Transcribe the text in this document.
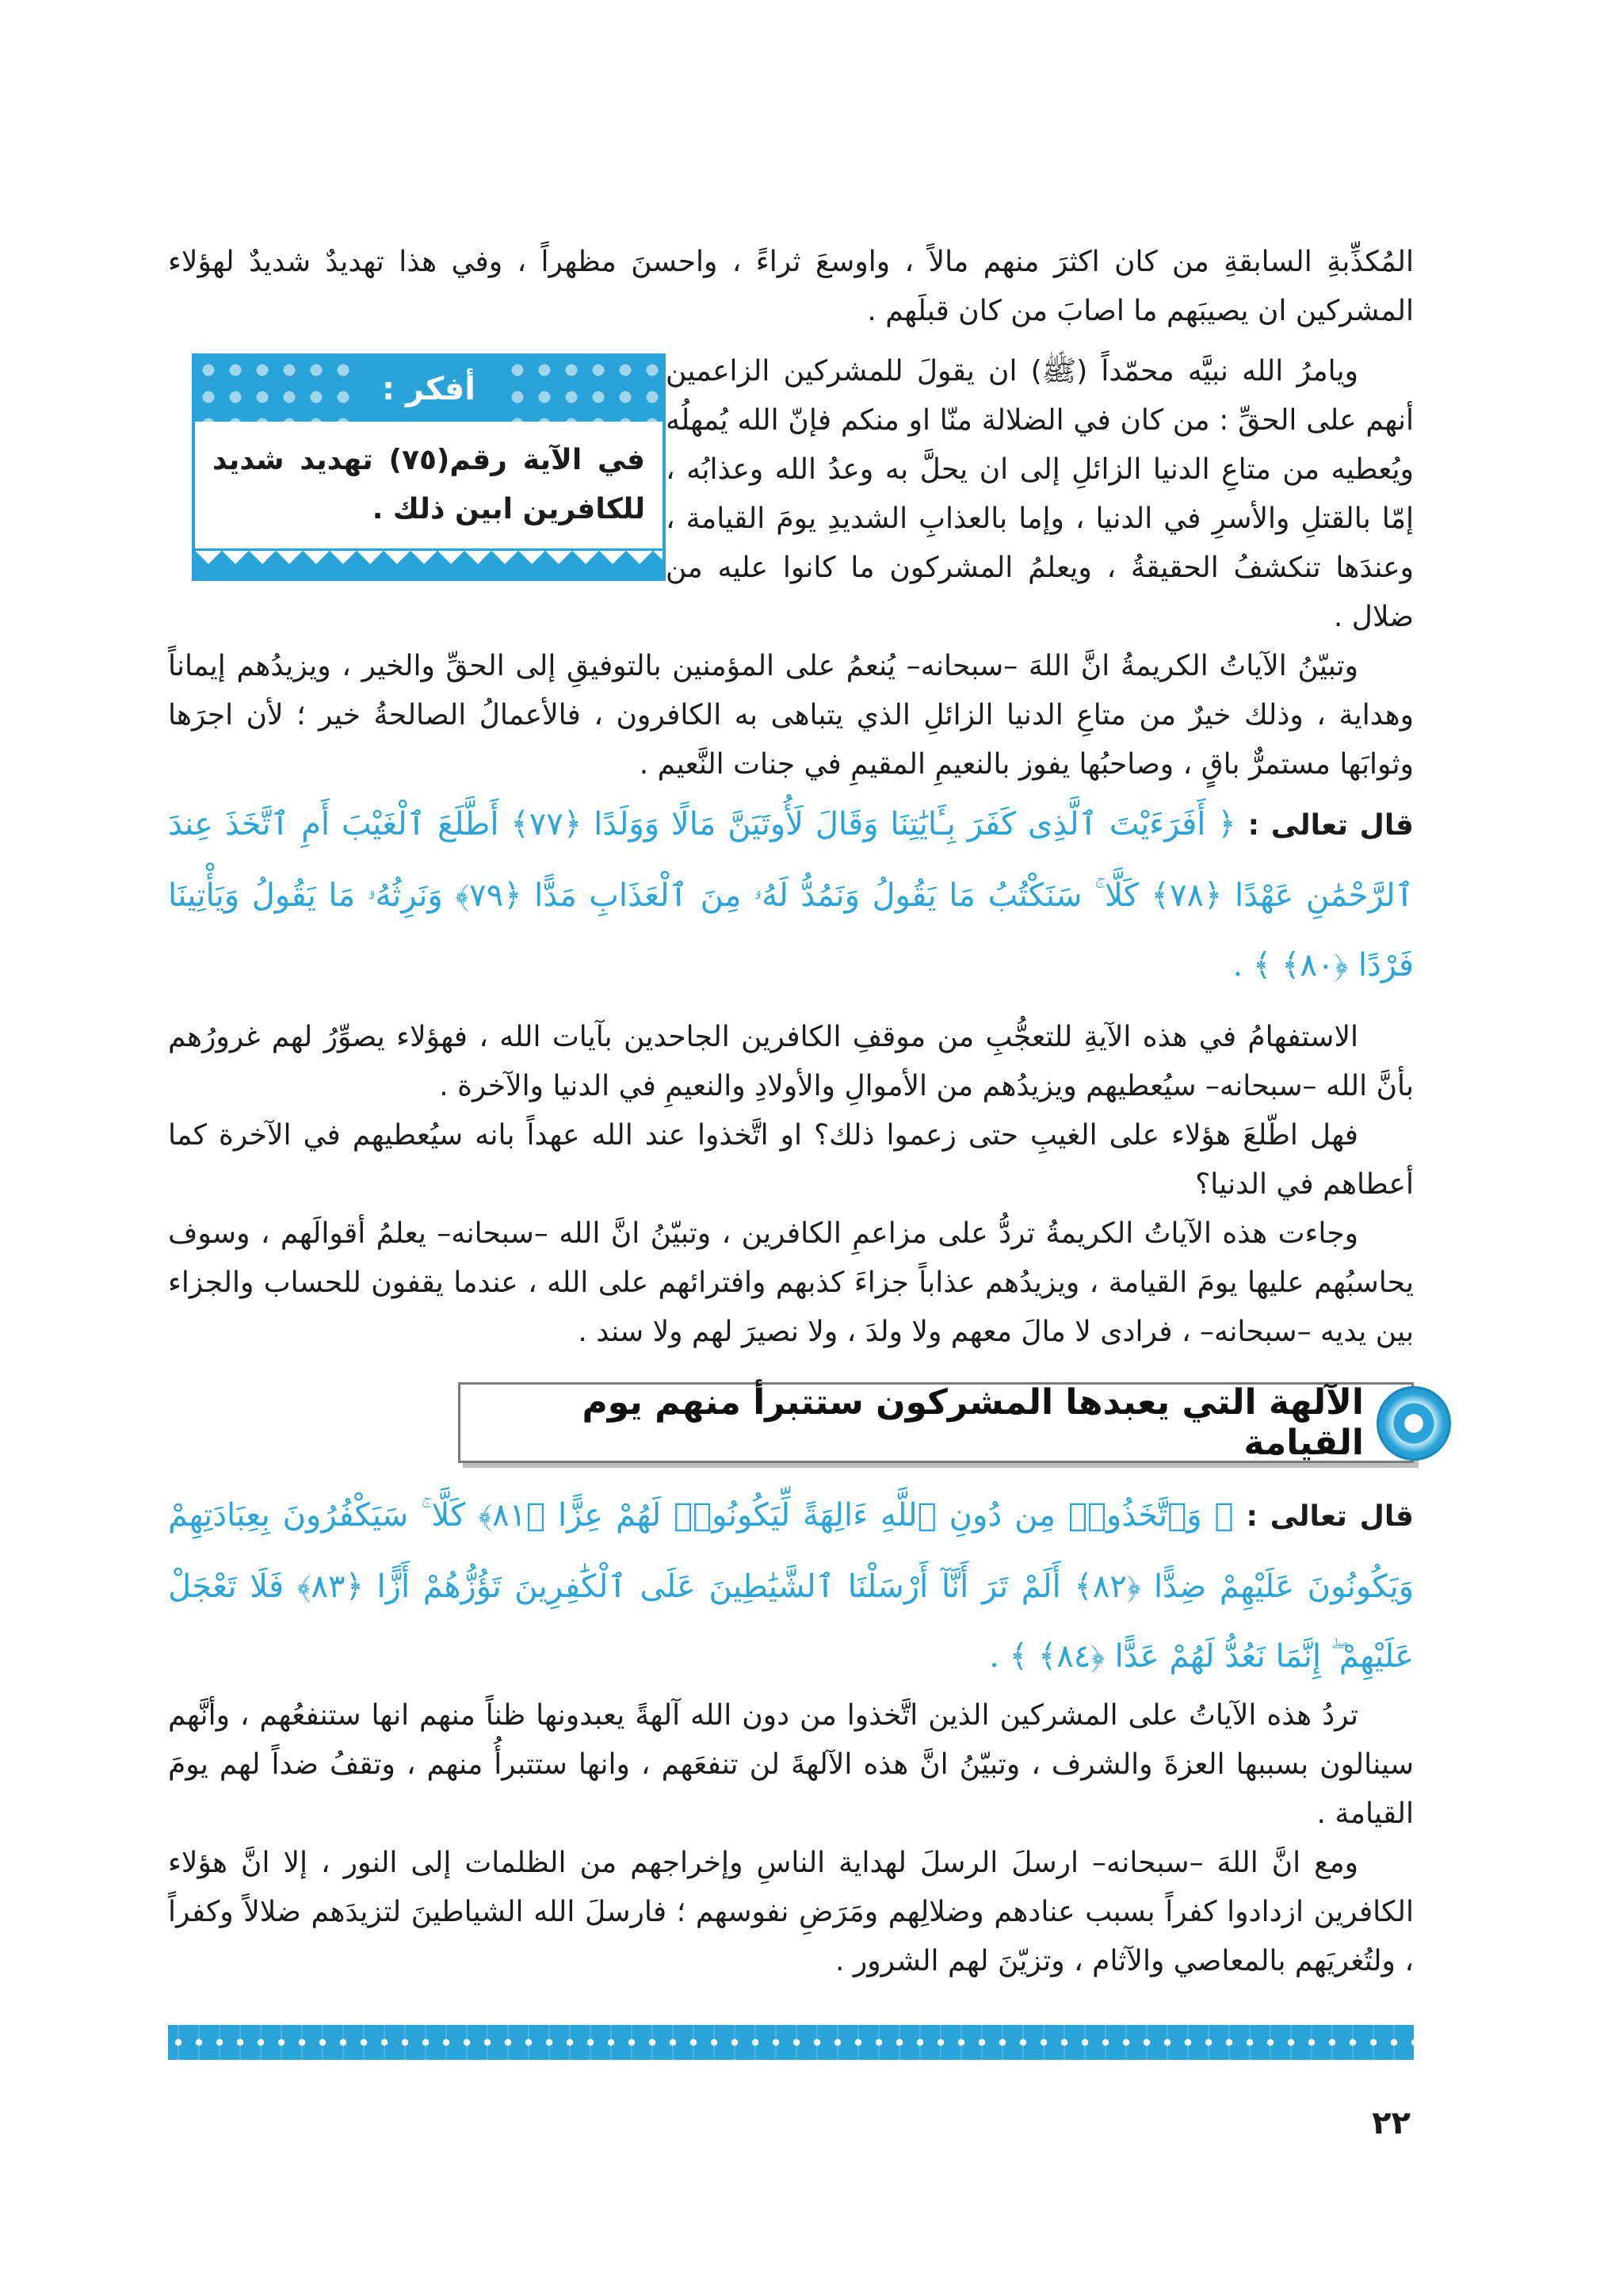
المُكذِّبةِ السابقةِ من كان اكثرَ منهم مالاً ، واوسعَ ثراءً ، واحسنَ مظهراً ، وفي هذا تهديدٌ شديدٌ لهؤلاء المشركين ان يصيبَهم ما اصابَ من كان قبلَهم .

أفكر :
في الآية رقم(٧٥) تهديد شديد للكافرين ابين ذلك .

ويامرُ الله نبيَّه محمّداً (ﷺ) ان يقولَ للمشركين الزاعمين أنهم على الحقِّ : من كان في الضلالة منّا او منكم فإنّ الله يُمهلُه ويُعطيه من متاعِ الدنيا الزائلِ إلى ان يحلَّ به وعدُ الله وعذابُه ، إمّا بالقتلِ والأسرِ في الدنيا ، وإما بالعذابِ الشديدِ يومَ القيامة ، وعندَها تنكشفُ الحقيقةُ ، ويعلمُ المشركون ما كانوا عليه من ضلال .

وتبيّنُ الآياتُ الكريمةُ انَّ اللهَ –سبحانه– يُنعمُ على المؤمنين بالتوفيقِ إلى الحقِّ والخير ، ويزيدُهم إيماناً وهداية ، وذلك خيرٌ من متاعِ الدنيا الزائلِ الذي يتباهى به الكافرون ، فالأعمالُ الصالحةُ خير ؛ لأن اجرَها وثوابَها مستمرٌّ باقٍ ، وصاحبُها يفوز بالنعيمِ المقيمِ في جنات النَّعيم .

قال تعالى : ﴿ أَفَرَءَيْتَ ٱلَّذِى كَفَرَ بِـَٔايَٰتِنَا وَقَالَ لَأُوتَيَنَّ مَالًا وَوَلَدًا ﴿٧٧﴾ أَطَّلَعَ ٱلْغَيْبَ أَمِ ٱتَّخَذَ عِندَ ٱلرَّحْمَٰنِ عَهْدًا ﴿٧٨﴾ كَلَّا ۚ سَنَكْتُبُ مَا يَقُولُ وَنَمُدُّ لَهُۥ مِنَ ٱلْعَذَابِ مَدًّا ﴿٧٩﴾ وَنَرِثُهُۥ مَا يَقُولُ وَيَأْتِينَا فَرْدًا ﴿٨٠﴾ ﴾ .

الاستفهامُ في هذه الآيةِ للتعجُّبِ من موقفِ الكافرين الجاحدين بآيات الله ، فهؤلاء يصوِّرُ لهم غرورُهم بأنَّ الله –سبحانه– سيُعطيهم ويزيدُهم من الأموالِ والأولادِ والنعيمِ في الدنيا والآخرة .

فهل اطّلعَ هؤلاء على الغيبِ حتى زعموا ذلك؟ او اتَّخذوا عند الله عهداً بانه سيُعطيهم في الآخرة كما أعطاهم في الدنيا؟

وجاءت هذه الآياتُ الكريمةُ تردُّ على مزاعمِ الكافرين ، وتبيّنُ انَّ الله –سبحانه– يعلمُ أقوالَهم ، وسوف يحاسبُهم عليها يومَ القيامة ، ويزيدُهم عذاباً جزاءَ كذبهم وافترائهم على الله ، عندما يقفون للحساب والجزاء بين يديه –سبحانه– ، فرادى لا مالَ معهم ولا ولدَ ، ولا نصيرَ لهم ولا سند .

الآلهة التي يعبدها المشركون ستتبرأ منهم يوم القيامة

قال تعالى : ﴿ وَٱتَّخَذُوا۟ مِن دُونِ ٱللَّهِ ءَالِهَةً لِّيَكُونُوا۟ لَهُمْ عِزًّا ﴿٨١﴾ كَلَّا ۚ سَيَكْفُرُونَ بِعِبَادَتِهِمْ وَيَكُونُونَ عَلَيْهِمْ ضِدًّا ﴿٨٢﴾ أَلَمْ تَرَ أَنَّآ أَرْسَلْنَا ٱلشَّيَٰطِينَ عَلَى ٱلْكَٰفِرِينَ تَؤُزُّهُمْ أَزًّا ﴿٨٣﴾ فَلَا تَعْجَلْ عَلَيْهِمْ ۖ إِنَّمَا نَعُدُّ لَهُمْ عَدًّا ﴿٨٤﴾ ﴾ .

تردُ هذه الآياتُ على المشركين الذين اتَّخذوا من دون الله آلهةً يعبدونها ظناً منهم انها ستنفعُهم ، وأنَّهم سينالون بسببها العزةَ والشرف ، وتبيّنُ انَّ هذه الآلهةَ لن تنفعَهم ، وانها ستتبرأُ منهم ، وتقفُ ضداً لهم يومَ القيامة .

ومع انَّ اللهَ –سبحانه– ارسلَ الرسلَ لهداية الناسِ وإخراجهم من الظلمات إلى النور ، إلا انَّ هؤلاء الكافرين ازدادوا كفراً بسبب عنادهم وضلالِهم ومَرَضِ نفوسهم ؛ فارسلَ الله الشياطينَ لتزيدَهم ضلالاً وكفراً ، ولتُغريَهم بالمعاصي والآثام ، وتزيّنَ لهم الشرور .

٢٢
